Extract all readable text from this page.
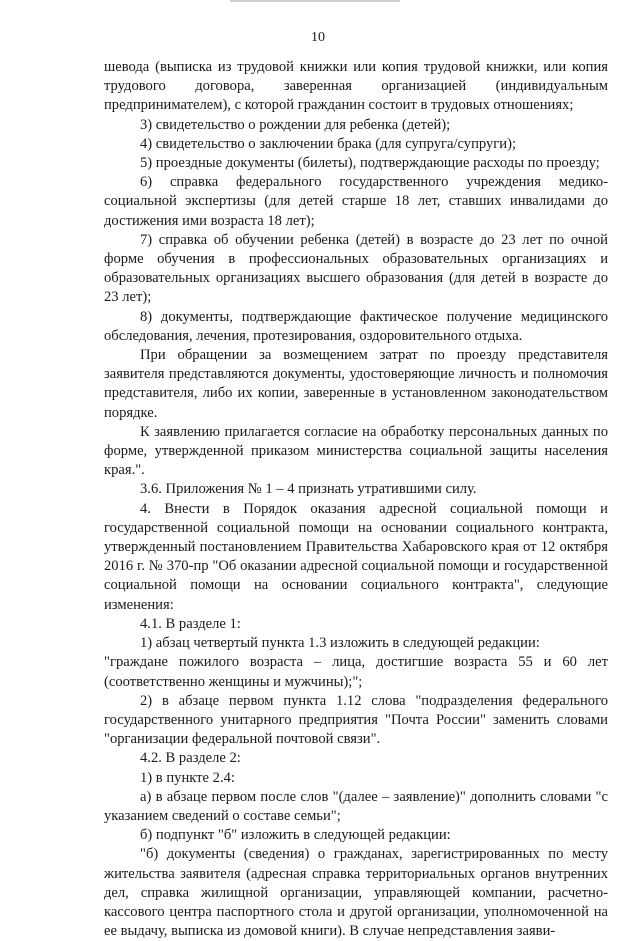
10

шевода (выписка из трудовой книжки или копия трудовой книжки, или копия трудового договора, заверенная организацией (индивидуальным предпринимателем), с которой гражданин состоит в трудовых отношениях;

3) свидетельство о рождении для ребенка (детей);

4) свидетельство о заключении брака (для супруга/супруги);

5) проездные документы (билеты), подтверждающие расходы по проезду;

6) справка федерального государственного учреждения медико-социальной экспертизы (для детей старше 18 лет, ставших инвалидами до достижения ими возраста 18 лет);

7) справка об обучении ребенка (детей) в возрасте до 23 лет по очной форме обучения в профессиональных образовательных организациях и образовательных организациях высшего образования (для детей в возрасте до 23 лет);

8) документы, подтверждающие фактическое получение медицинского обследования, лечения, протезирования, оздоровительного отдыха.

При обращении за возмещением затрат по проезду представителя заявителя представляются документы, удостоверяющие личность и полномочия представителя, либо их копии, заверенные в установленном законодательством порядке.

К заявлению прилагается согласие на обработку персональных данных по форме, утвержденной приказом министерства социальной защиты населения края.".

3.6. Приложения № 1 – 4 признать утратившими силу.

4. Внести в Порядок оказания адресной социальной помощи и государственной социальной помощи на основании социального контракта, утвержденный постановлением Правительства Хабаровского края от 12 октября 2016 г. № 370-пр "Об оказании адресной социальной помощи и государственной социальной помощи на основании социального контракта", следующие изменения:

4.1. В разделе 1:

1) абзац четвертый пункта 1.3 изложить в следующей редакции:

"граждане пожилого возраста – лица, достигшие возраста 55 и 60 лет (соответственно женщины и мужчины);";

2) в абзаце первом пункта 1.12 слова "подразделения федерального государственного унитарного предприятия "Почта России" заменить словами "организации федеральной почтовой связи".

4.2. В разделе 2:

1) в пункте 2.4:

а) в абзаце первом после слов "(далее – заявление)" дополнить словами "с указанием сведений о составе семьи";

б) подпункт "б" изложить в следующей редакции:

"б) документы (сведения) о гражданах, зарегистрированных по месту жительства заявителя (адресная справка территориальных органов внутренних дел, справка жилищной организации, управляющей компании, расчетно-кассового центра паспортного стола и другой организации, уполномоченной на ее выдачу, выписка из домовой книги). В случае непредставления заяви-
